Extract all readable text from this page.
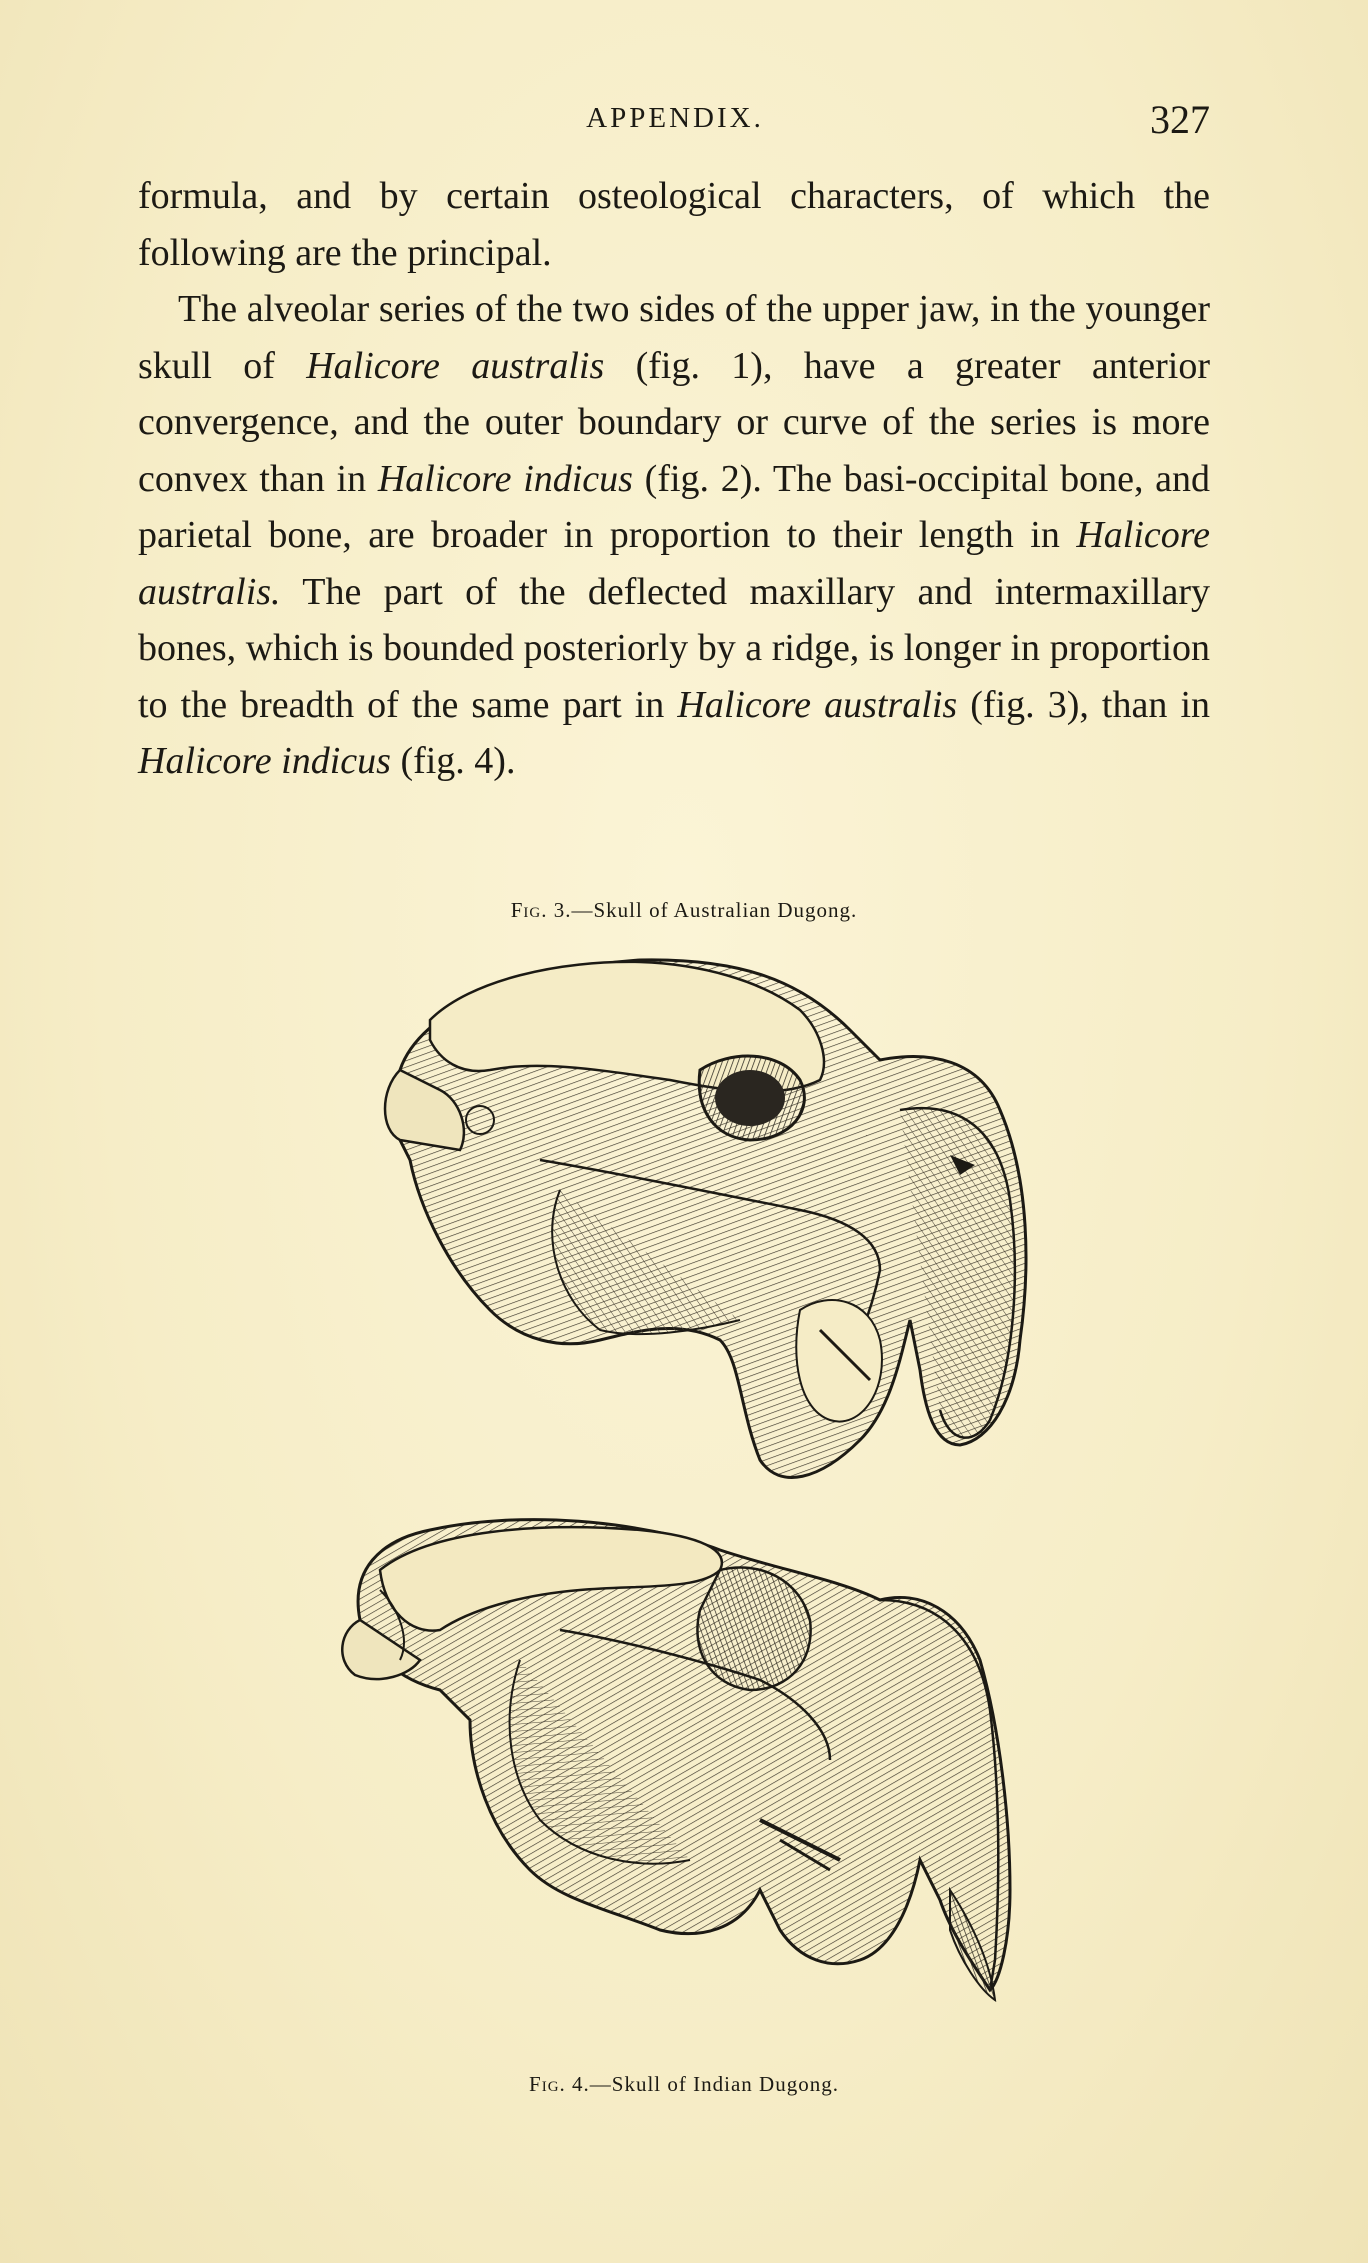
APPENDIX.	327

formula, and by certain osteological characters, of which the following are the principal.

The alveolar series of the two sides of the upper jaw, in the younger skull of Halicore australis (fig. 1), have a greater anterior convergence, and the outer boundary or curve of the series is more convex than in Halicore indicus (fig. 2). The basi-occipital bone, and parietal bone, are broader in proportion to their length in Halicore australis. The part of the deflected maxillary and intermaxillary bones, which is bounded posteriorly by a ridge, is longer in proportion to the breadth of the same part in Halicore australis (fig. 3), than in Halicore indicus (fig. 4).

Fig. 3.—Skull of Australian Dugong.
Fig. 4.—Skull of Indian Dugong.
